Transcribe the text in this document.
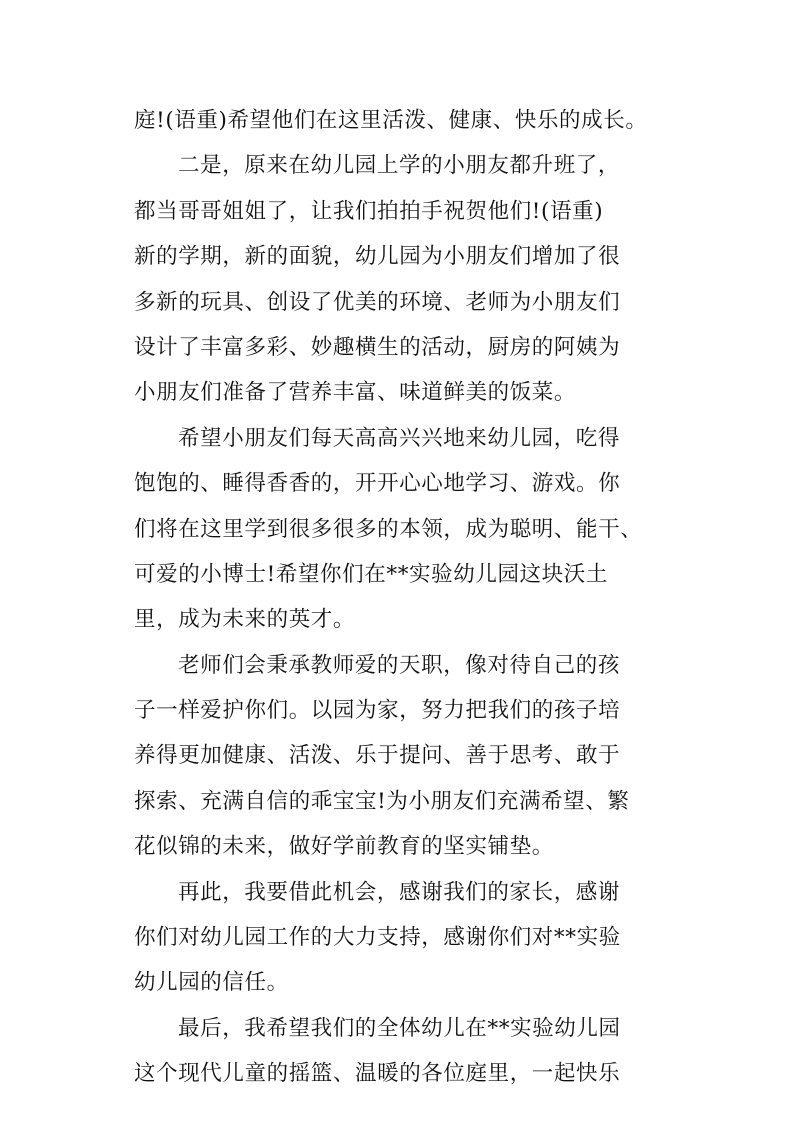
庭!(语重)希望他们在这里活泼、健康、快乐的成长。
二是，原来在幼儿园上学的小朋友都升班了，
都当哥哥姐姐了，让我们拍拍手祝贺他们!(语重)
新的学期，新的面貌，幼儿园为小朋友们增加了很
多新的玩具、创设了优美的环境、老师为小朋友们
设计了丰富多彩、妙趣横生的活动，厨房的阿姨为
小朋友们准备了营养丰富、味道鲜美的饭菜。
希望小朋友们每天高高兴兴地来幼儿园，吃得
饱饱的、睡得香香的，开开心心地学习、游戏。你
们将在这里学到很多很多的本领，成为聪明、能干、
可爱的小博士!希望你们在**实验幼儿园这块沃土
里，成为未来的英才。
老师们会秉承教师爱的天职，像对待自己的孩
子一样爱护你们。以园为家，努力把我们的孩子培
养得更加健康、活泼、乐于提问、善于思考、敢于
探索、充满自信的乖宝宝!为小朋友们充满希望、繁
花似锦的未来，做好学前教育的坚实铺垫。
再此，我要借此机会，感谢我们的家长，感谢
你们对幼儿园工作的大力支持，感谢你们对**实验
幼儿园的信任。
最后，我希望我们的全体幼儿在**实验幼儿园
这个现代儿童的摇篮、温暖的各位庭里，一起快乐
